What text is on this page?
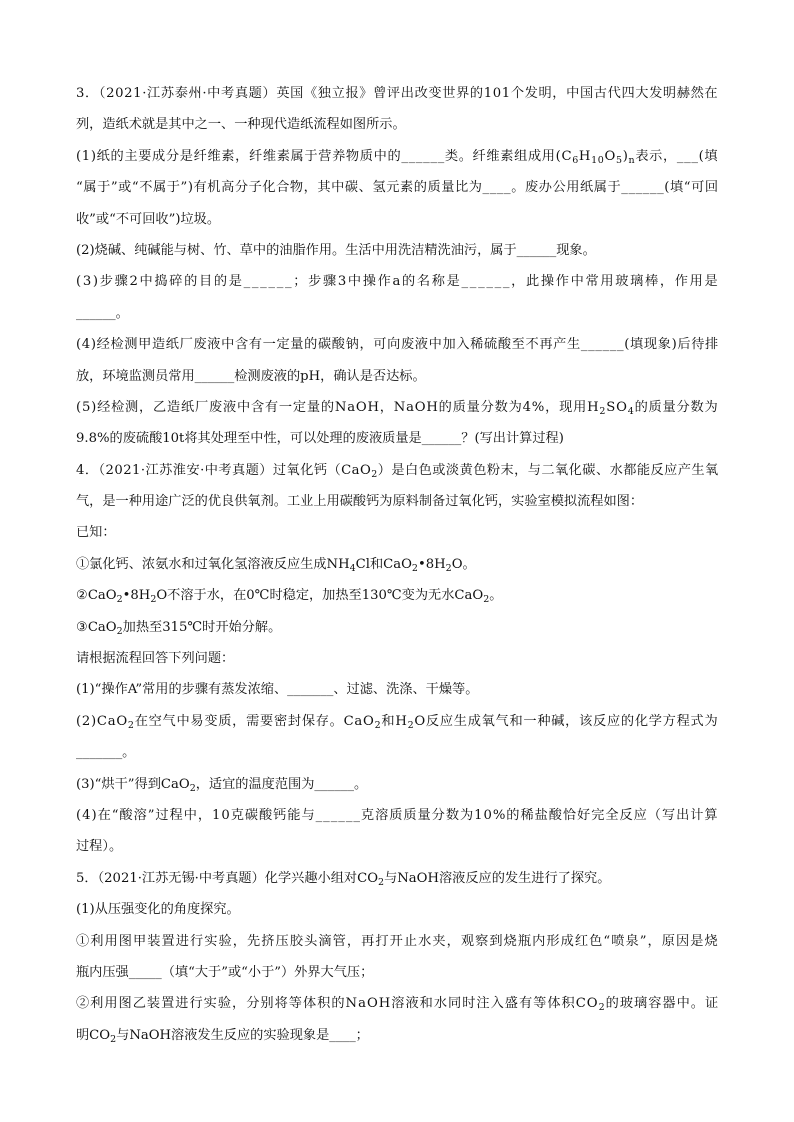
3．（2021·江苏泰州·中考真题）英国《独立报》曾评出改变世界的101个发明，中国古代四大发明赫然在
列，造纸术就是其中之一、一种现代造纸流程如图所示。
(1)纸的主要成分是纤维素，纤维素属于营养物质中的______类。纤维素组成用$(C_6H_{10}O_5)_n$表示，___(填
“属于”或“不属于”)有机高分子化合物，其中碳、氢元素的质量比为____。废办公用纸属于______(填“可回
收”或“不可回收”)垃圾。
(2)烧碱、纯碱能与树、竹、草中的油脂作用。生活中用洗洁精洗油污，属于______现象。
(3)步骤2中捣碎的目的是______；步骤3中操作a的名称是______，此操作中常用玻璃棒，作用是
______。
(4)经检测甲造纸厂废液中含有一定量的碳酸钠，可向废液中加入稀硫酸至不再产生______(填现象)后待排
放，环境监测员常用______检测废液的pH，确认是否达标。
(5)经检测，乙造纸厂废液中含有一定量的NaOH，NaOH的质量分数为4%，现用$H_2SO_4$的质量分数为
9.8%的废硫酸10t将其处理至中性，可以处理的废液质量是______？(写出计算过程)
4．（2021·江苏淮安·中考真题）过氧化钙（CaO$_2$）是白色或淡黄色粉末，与二氧化碳、水都能反应产生氧
气，是一种用途广泛的优良供氧剂。工业上用碳酸钙为原料制备过氧化钙，实验室模拟流程如图：
已知：
①氯化钙、浓氨水和过氧化氢溶液反应生成$NH_4Cl$和$CaO_2•8H_2O$。
$②CaO_2•8H_2O$不溶于水，在0℃时稳定，加热至130℃变为无水CaO$_2$。
③CaO$_2$加热至315℃时开始分解。
请根据流程回答下列问题：
(1)“操作A”常用的步骤有蒸发浓缩、_______、过滤、洗涤、干燥等。
(2)CaO$_2$在空气中易变质，需要密封保存。CaO$_2$和$H_2O$反应生成氧气和一种碱，该反应的化学方程式为
_______。
(3)“烘干”得到CaO$_2$，适宜的温度范围为______。
(4)在“酸溶”过程中，10克碳酸钙能与______克溶质质量分数为10%的稀盐酸恰好完全反应（写出计算
过程）。
5．（2021·江苏无锡·中考真题）化学兴趣小组对$CO_2$与NaOH溶液反应的发生进行了探究。
(1)从压强变化的角度探究。
①利用图甲装置进行实验，先挤压胶头滴管，再打开止水夹，观察到烧瓶内形成红色“喷泉”，原因是烧
瓶内压强_____（填“大于”或“小于”）外界大气压；
②利用图乙装置进行实验，分别将等体积的NaOH溶液和水同时注入盛有等体积$CO_2$的玻璃容器中。证
明$CO_2$与NaOH溶液发生反应的实验现象是____；
